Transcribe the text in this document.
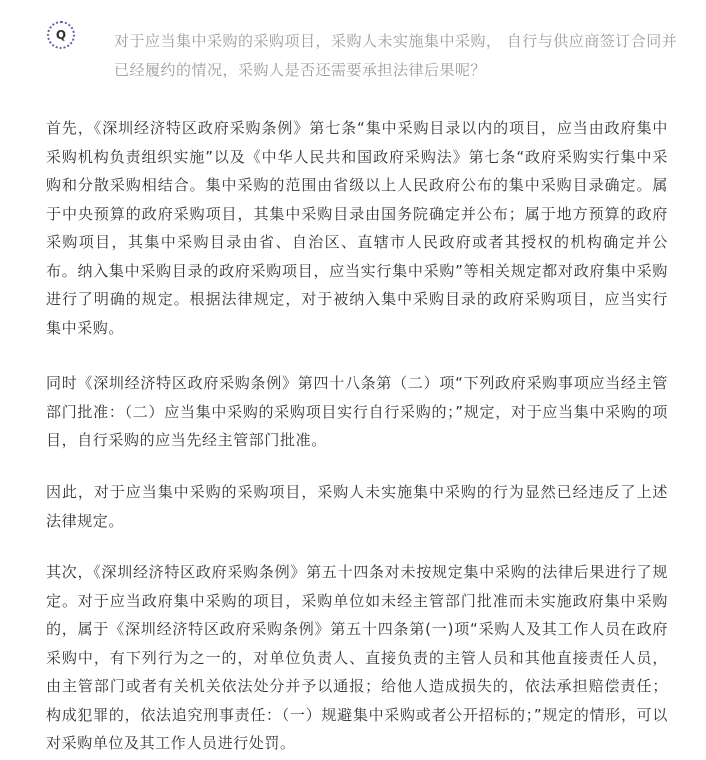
Q	对于应当集中采购的采购项目，采购人未实施集中采购， 自行与供应商签订合同并已经履约的情况，采购人是否还需要承担法律后果呢？

首先，《深圳经济特区政府采购条例》第七条“集中采购目录以内的项目，应当由政府集中采购机构负责组织实施”以及《中华人民共和国政府采购法》第七条“政府采购实行集中采购和分散采购相结合。集中采购的范围由省级以上人民政府公布的集中采购目录确定。属于中央预算的政府采购项目，其集中采购目录由国务院确定并公布；属于地方预算的政府采购项目，其集中采购目录由省、自治区、直辖市人民政府或者其授权的机构确定并公布。纳入集中采购目录的政府采购项目，应当实行集中采购”等相关规定都对政府集中采购进行了明确的规定。根据法律规定，对于被纳入集中采购目录的政府采购项目，应当实行集中采购。

同时《深圳经济特区政府采购条例》第四十八条第（二）项“下列政府采购事项应当经主管部门批准：（二）应当集中采购的采购项目实行自行采购的；”规定，对于应当集中采购的项目，自行采购的应当先经主管部门批准。

因此，对于应当集中采购的采购项目，采购人未实施集中采购的行为显然已经违反了上述法律规定。

其次，《深圳经济特区政府采购条例》第五十四条对未按规定集中采购的法律后果进行了规定。对于应当政府集中采购的项目，采购单位如未经主管部门批准而未实施政府集中采购的，属于《深圳经济特区政府采购条例》第五十四条第(一)项“采购人及其工作人员在政府采购中，有下列行为之一的，对单位负责人、直接负责的主管人员和其他直接责任人员，由主管部门或者有关机关依法处分并予以通报；给他人造成损失的，依法承担赔偿责任；构成犯罪的，依法追究刑事责任：（一）规避集中采购或者公开招标的；”规定的情形，可以对采购单位及其工作人员进行处罚。
